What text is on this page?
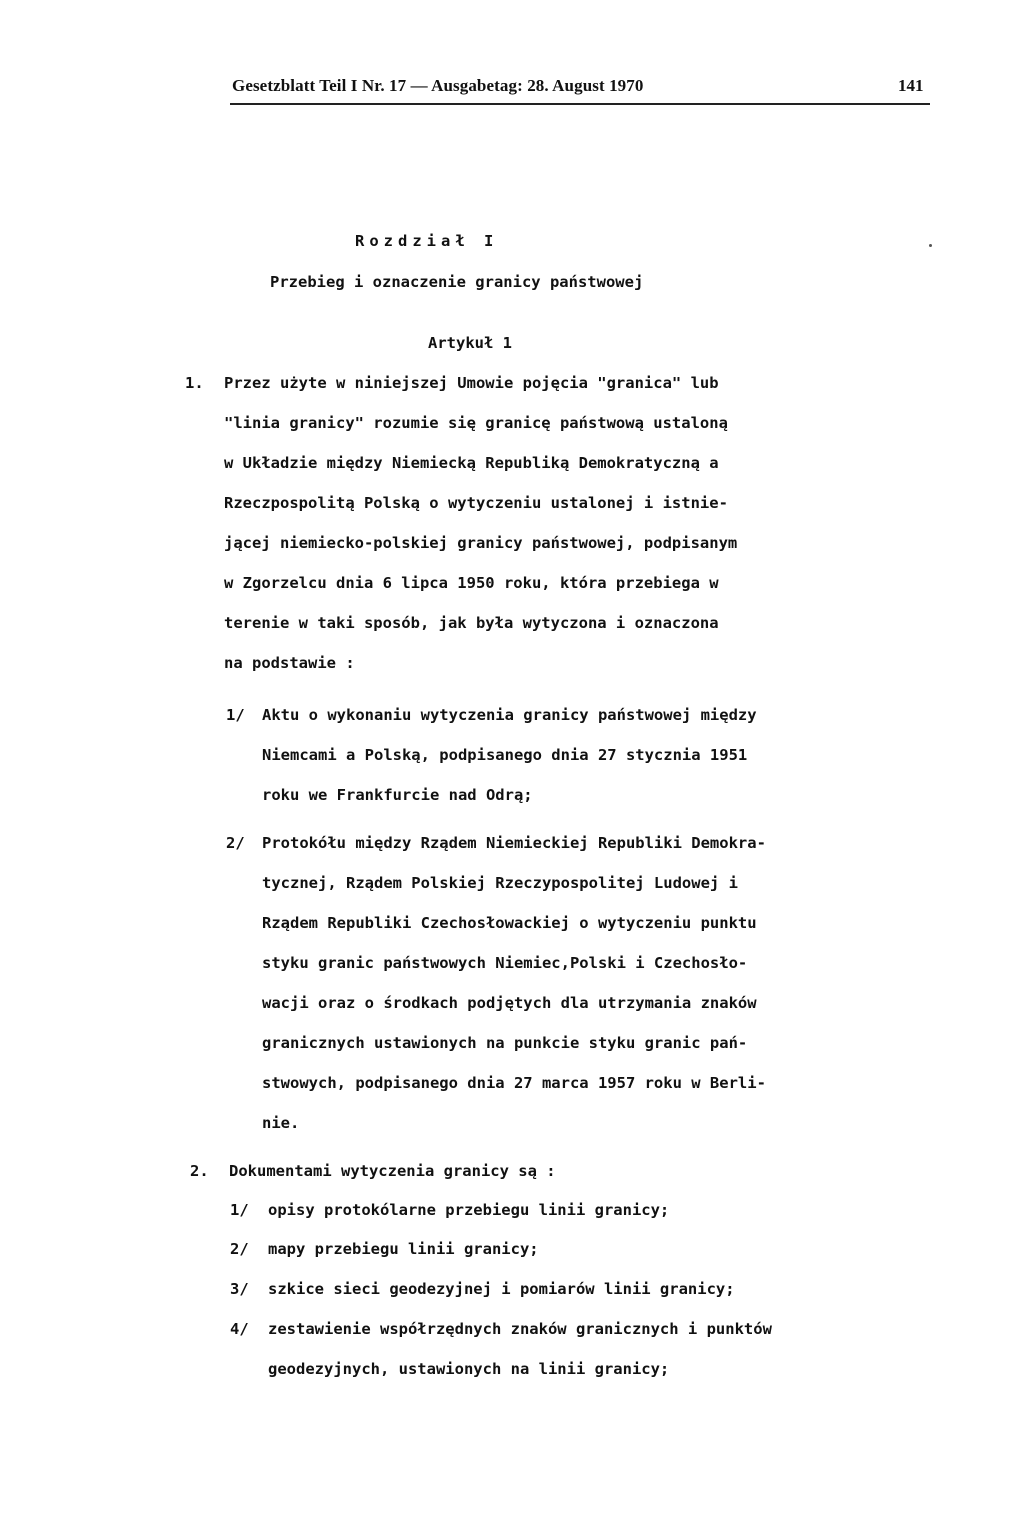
Gesetzblatt Teil I Nr. 17 — Ausgabetag: 28. August 1970	141
Rozdział I
Przebieg i oznaczenie granicy państwowej
Artykuł 1
1. Przez użyte w niniejszej Umowie pojęcia "granica" lub
"linia granicy" rozumie się granicę państwową ustaloną
w Układzie między Niemiecką Republiką Demokratyczną a
Rzeczpospolitą Polską o wytyczeniu ustalonej i istnie-
jącej niemiecko-polskiej granicy państwowej, podpisanym
w Zgorzelcu dnia 6 lipca 1950 roku, która przebiega w
terenie w taki sposób, jak była wytyczona i oznaczona
na podstawie :
1/ Aktu o wykonaniu wytyczenia granicy państwowej między
Niemcami a Polską, podpisanego dnia 27 stycznia 1951
roku we Frankfurcie nad Odrą;
2/ Protokółu między Rządem Niemieckiej Republiki Demokra-
tycznej, Rządem Polskiej Rzeczypospolitej Ludowej i
Rządem Republiki Czechosłowackiej o wytyczeniu punktu
styku granic państwowych Niemiec,Polski i Czechosło-
wacji oraz o środkach podjętych dla utrzymania znaków
granicznych ustawionych na punkcie styku granic pań-
stwowych, podpisanego dnia 27 marca 1957 roku w Berli-
nie.
2. Dokumentami wytyczenia granicy są :
1/ opisy protokólarne przebiegu linii granicy;
2/ mapy przebiegu linii granicy;
3/ szkice sieci geodezyjnej i pomiarów linii granicy;
4/ zestawienie współrzędnych znaków granicznych i punktów
geodezyjnych, ustawionych na linii granicy;
